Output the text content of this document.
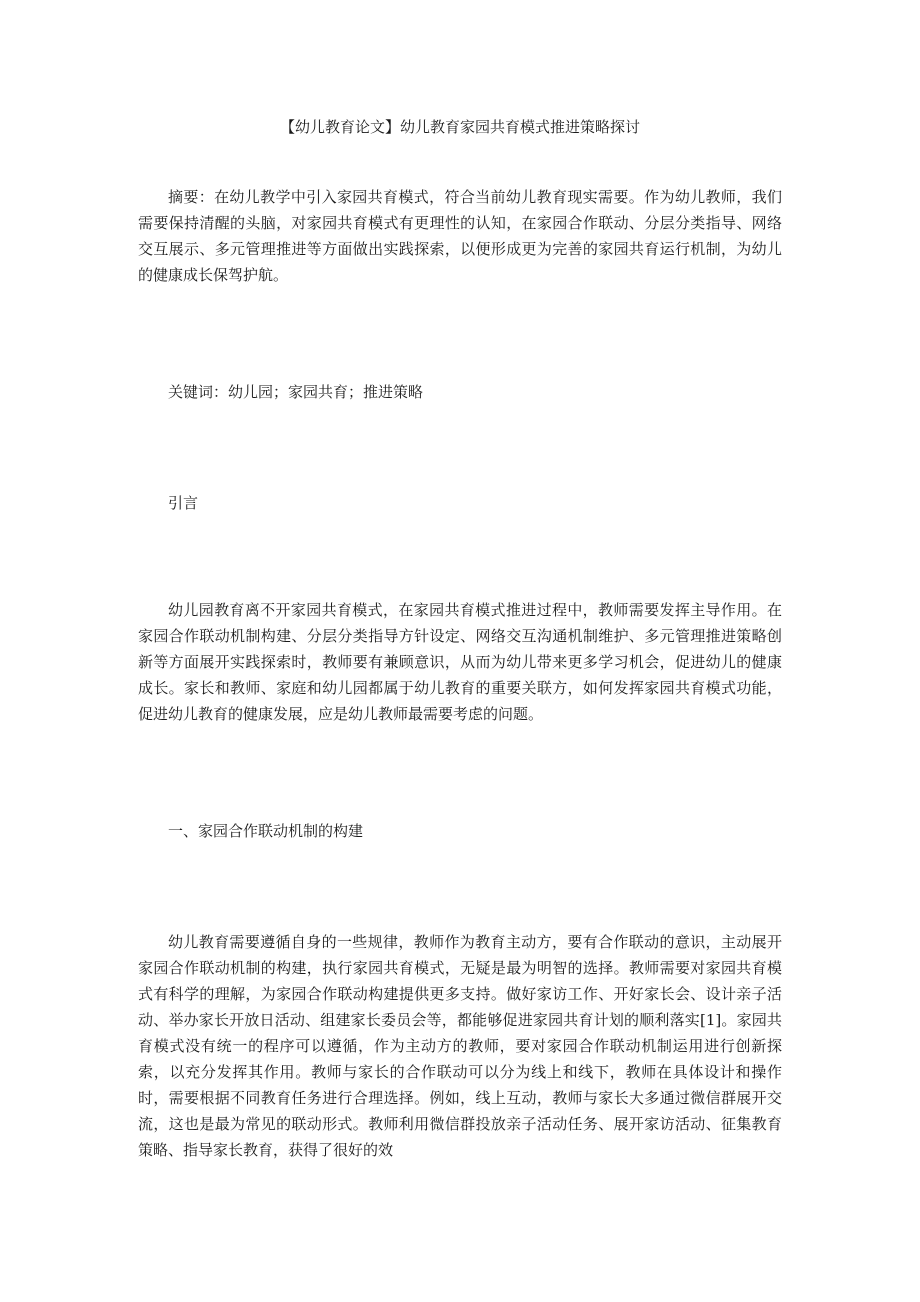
【幼儿教育论文】幼儿教育家园共育模式推进策略探讨

摘要：在幼儿教学中引入家园共育模式，符合当前幼儿教育现实需要。作为幼儿教师，我们需要保持清醒的头脑，对家园共育模式有更理性的认知，在家园合作联动、分层分类指导、网络交互展示、多元管理推进等方面做出实践探索，以便形成更为完善的家园共育运行机制，为幼儿的健康成长保驾护航。

关键词：幼儿园；家园共育；推进策略

引言

幼儿园教育离不开家园共育模式，在家园共育模式推进过程中，教师需要发挥主导作用。在家园合作联动机制构建、分层分类指导方针设定、网络交互沟通机制维护、多元管理推进策略创新等方面展开实践探索时，教师要有兼顾意识，从而为幼儿带来更多学习机会，促进幼儿的健康成长。家长和教师、家庭和幼儿园都属于幼儿教育的重要关联方，如何发挥家园共育模式功能，促进幼儿教育的健康发展，应是幼儿教师最需要考虑的问题。

一、家园合作联动机制的构建

幼儿教育需要遵循自身的一些规律，教师作为教育主动方，要有合作联动的意识，主动展开家园合作联动机制的构建，执行家园共育模式，无疑是最为明智的选择。教师需要对家园共育模式有科学的理解，为家园合作联动构建提供更多支持。做好家访工作、开好家长会、设计亲子活动、举办家长开放日活动、组建家长委员会等，都能够促进家园共育计划的顺利落实[1]。家园共育模式没有统一的程序可以遵循，作为主动方的教师，要对家园合作联动机制运用进行创新探索，以充分发挥其作用。教师与家长的合作联动可以分为线上和线下，教师在具体设计和操作时，需要根据不同教育任务进行合理选择。例如，线上互动，教师与家长大多通过微信群展开交流，这也是最为常见的联动形式。教师利用微信群投放亲子活动任务、展开家访活动、征集教育策略、指导家长教育，获得了很好的效
